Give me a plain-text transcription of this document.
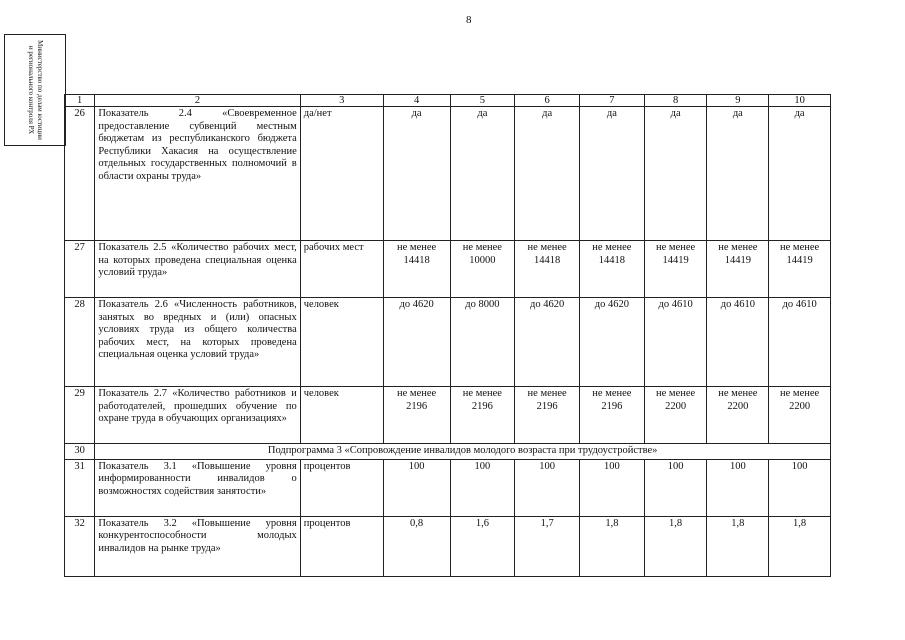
8
Министерство по делам юстиции и регионального контроля РХ	1	2	3	4	5	6	7	8	9	10
26	Показатель 2.4 «Своевременное предоставление субвенций местным бюджетам из республиканского бюджета Республики Хакасия на осуществление отдельных государственных полномочий в области охраны труда»	да/нет	да	да	да	да	да	да	да
27	Показатель 2.5 «Количество рабочих мест, на которых проведена специальная оценка условий труда»	рабочих мест	не менее 14418	не менее 10000	не менее 14418	не менее 14418	не менее 14419	не менее 14419	не менее 14419
28	Показатель 2.6 «Численность работников, занятых во вредных и (или) опасных условиях труда из общего количества рабочих мест, на которых проведена специальная оценка условий труда»	человек	до 4620	до 8000	до 4620	до 4620	до 4610	до 4610	до 4610
29	Показатель 2.7 «Количество работников и работодателей, прошедших обучение по охране труда в обучающих организациях»	человек	не менее 2196	не менее 2196	не менее 2196	не менее 2196	не менее 2200	не менее 2200	не менее 2200
30	Подпрограмма 3 «Сопровождение инвалидов молодого возраста при трудоустройстве»								
31	Показатель 3.1 «Повышение уровня информированности инвалидов о возможностях содействия занятости»	процентов	100	100	100	100	100	100	100
32	Показатель 3.2 «Повышение уровня конкурентоспособности молодых инвалидов на рынке труда»	процентов	0,8	1,6	1,7	1,8	1,8	1,8	1,8
